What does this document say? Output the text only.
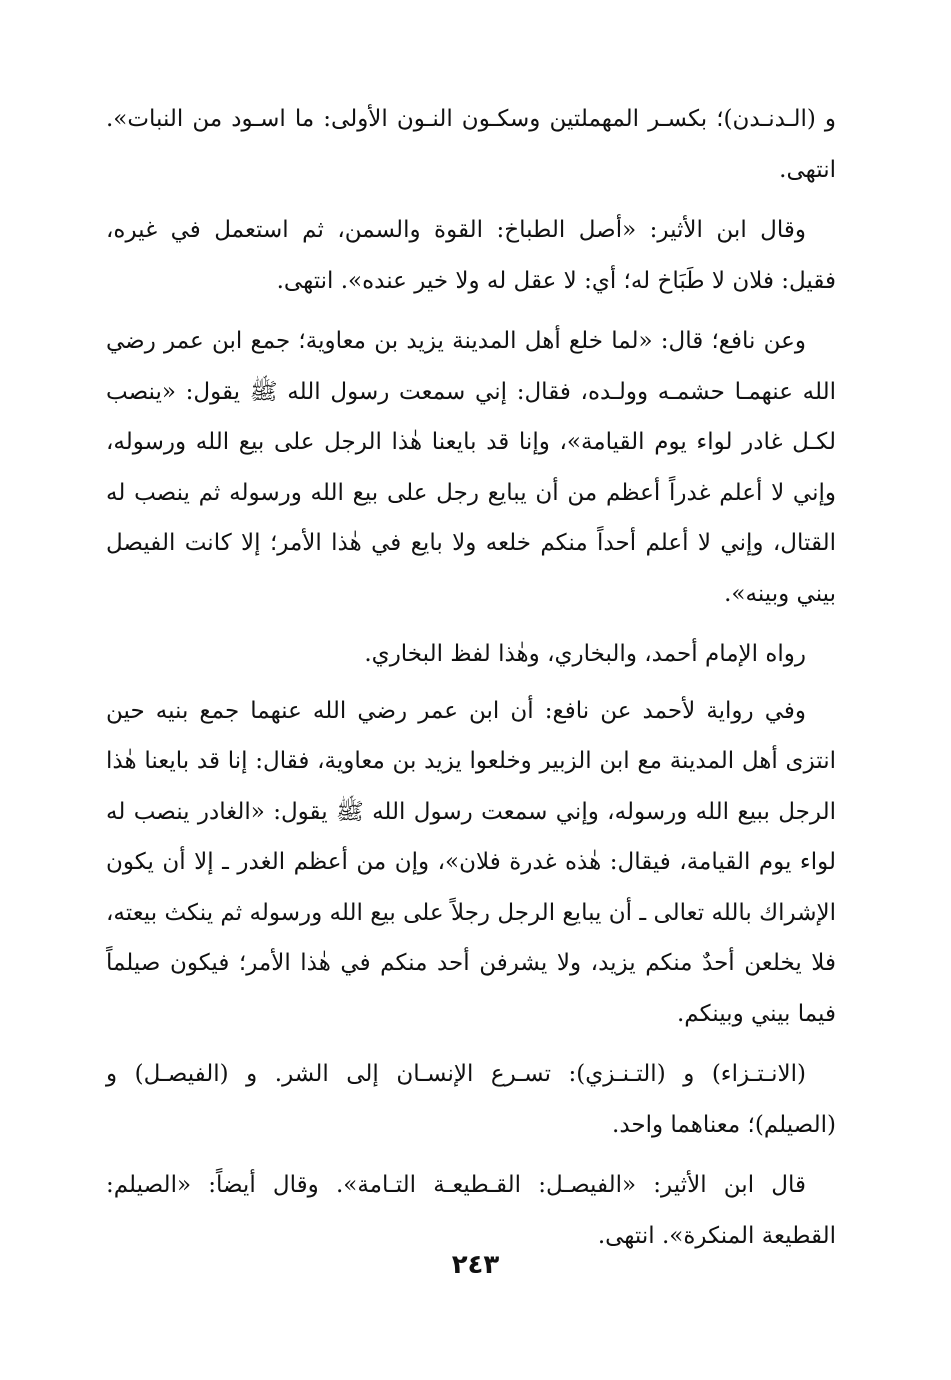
و (الـدنـدن)؛ بكسـر المهملتين وسكـون النـون الأولى: ما اسـود من النبات». انتهى.

وقال ابن الأثير: «أصل الطباخ: القوة والسمن، ثم استعمل في غيره، فقيل: فلان لا طَبَاخ له؛ أي: لا عقل له ولا خير عنده». انتهى.

وعن نافع؛ قال: «لما خلع أهل المدينة يزيد بن معاوية؛ جمع ابن عمر رضي الله عنهمـا حشمـه وولـده، فقال: إني سمعت رسول الله ﷺ يقول: «ينصب لكـل غادر لواء يوم القيامة»، وإنا قد بايعنا هٰذا الرجل على بيع الله ورسوله، وإني لا أعلم غدراً أعظم من أن يبايع رجل على بيع الله ورسوله ثم ينصب له القتال، وإني لا أعلم أحداً منكم خلعه ولا بايع في هٰذا الأمر؛ إلا كانت الفيصل بيني وبينه».

رواه الإمام أحمد، والبخاري، وهٰذا لفظ البخاري.

وفي رواية لأحمد عن نافع: أن ابن عمر رضي الله عنهما جمع بنيه حين انتزى أهل المدينة مع ابن الزبير وخلعوا يزيد بن معاوية، فقال: إنا قد بايعنا هٰذا الرجل ببيع الله ورسوله، وإني سمعت رسول الله ﷺ يقول: «الغادر ينصب له لواء يوم القيامة، فيقال: هٰذه غدرة فلان»، وإن من أعظم الغدر ـ إلا أن يكون الإشراك بالله تعالى ـ أن يبايع الرجل رجلاً على بيع الله ورسوله ثم ينكث بيعته، فلا يخلعن أحدٌ منكم يزيد، ولا يشرفن أحد منكم في هٰذا الأمر؛ فيكون صيلماً فيما بيني وبينكم.

(الانـتـزاء) و (التـنـزي): تسـرع الإنسـان إلى الشر. و (الفيصـل) و (الصيلم)؛ معناهما واحد.

قال ابن الأثير: «الفيصـل: القـطيعـة التـامة». وقال أيضاً: «الصيلم: القطيعة المنكرة». انتهى.

٢٤٣
